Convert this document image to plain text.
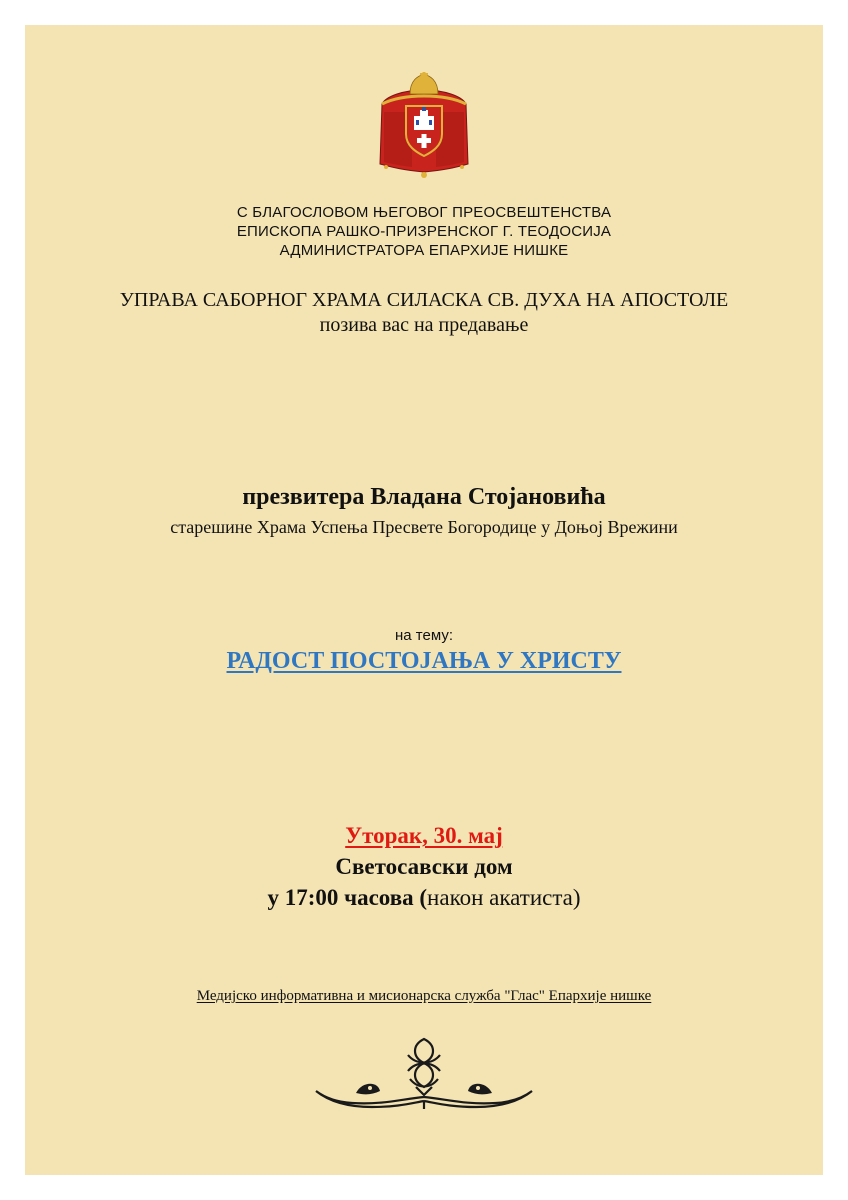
С БЛАГОСЛОВОМ ЊЕГОВОГ ПРЕОСВЕШТЕНСТВА
ЕПИСКОПА РАШКО-ПРИЗРЕНСКОГ Г. ТЕОДОСИЈА
АДМИНИСТРАТОРА ЕПАРХИЈЕ НИШКЕ
УПРАВА САБОРНОГ ХРАМА СИЛАСКА СВ. ДУХА НА АПОСТОЛЕ
позива вас на предавање
презвитера Владана Стојановића
старешине Храма Успења Пресвете Богородице у Доњој Врежини
на тему:
РАДОСТ ПОСТОЈАЊА У ХРИСТУ
Уторак, 30. мај
Светосавски дом
у 17:00 часова (након акатиста)
Медијско информативна и мисионарска служба "Глас" Епархије нишке
